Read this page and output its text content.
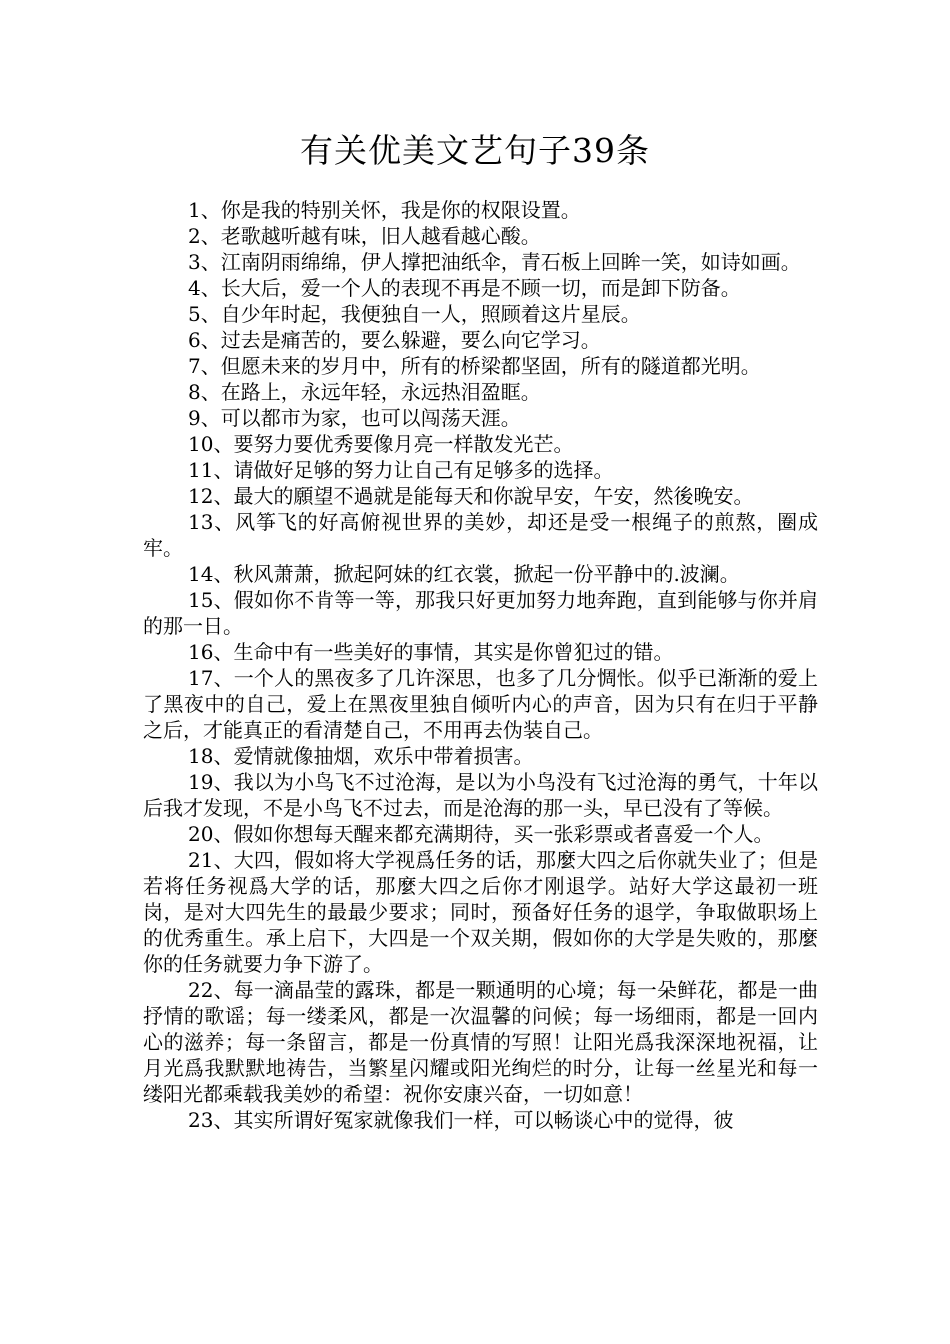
有关优美文艺句子39条

1、你是我的特别关怀，我是你的权限设置。

2、老歌越听越有味，旧人越看越心酸。

3、江南阴雨绵绵，伊人撑把油纸伞，青石板上回眸一笑，如诗如画。

4、长大后，爱一个人的表现不再是不顾一切，而是卸下防备。

5、自少年时起，我便独自一人，照顾着这片星辰。

6、过去是痛苦的，要么躲避，要么向它学习。

7、但愿未来的岁月中，所有的桥梁都坚固，所有的隧道都光明。

8、在路上，永远年轻，永远热泪盈眶。

9、可以都市为家，也可以闯荡天涯。

10、要努力要优秀要像月亮一样散发光芒。

11、请做好足够的努力让自己有足够多的选择。

12、最大的願望不過就是能每天和你說早安，午安，然後晚安。

13、风筝飞的好高俯视世界的美妙，却还是受一根绳子的煎熬，圈成牢。

14、秋风萧萧，掀起阿妹的红衣裳，掀起一份平静中的.波澜。

15、假如你不肯等一等，那我只好更加努力地奔跑，直到能够与你并肩的那一日。

16、生命中有一些美好的事情，其实是你曾犯过的错。

17、一个人的黑夜多了几许深思，也多了几分惆怅。似乎已渐渐的爱上了黑夜中的自己，爱上在黑夜里独自倾听内心的声音，因为只有在归于平静之后，才能真正的看清楚自己，不用再去伪装自己。

18、爱情就像抽烟，欢乐中带着损害。

19、我以为小鸟飞不过沧海，是以为小鸟没有飞过沧海的勇气，十年以后我才发现，不是小鸟飞不过去，而是沧海的那一头，早已没有了等候。

20、假如你想每天醒来都充满期待，买一张彩票或者喜爱一个人。

21、大四，假如将大学视爲任务的话，那麼大四之后你就失业了；但是若将任务视爲大学的话，那麼大四之后你才刚退学。站好大学这最初一班岗，是对大四先生的最最少要求；同时，预备好任务的退学，争取做职场上的优秀重生。承上启下，大四是一个双关期，假如你的大学是失败的，那麼你的任务就要力争下游了。

22、每一滴晶莹的露珠，都是一颗通明的心境；每一朵鲜花，都是一曲抒情的歌谣；每一缕柔风，都是一次温馨的问候；每一场细雨，都是一回内心的滋养；每一条留言，都是一份真情的写照！让阳光爲我深深地祝福，让月光爲我默默地祷告，当繁星闪耀或阳光绚烂的时分，让每一丝星光和每一缕阳光都乘载我美妙的希望：祝你安康兴奋，一切如意！

23、其实所谓好冤家就像我们一样，可以畅谈心中的觉得，彼
